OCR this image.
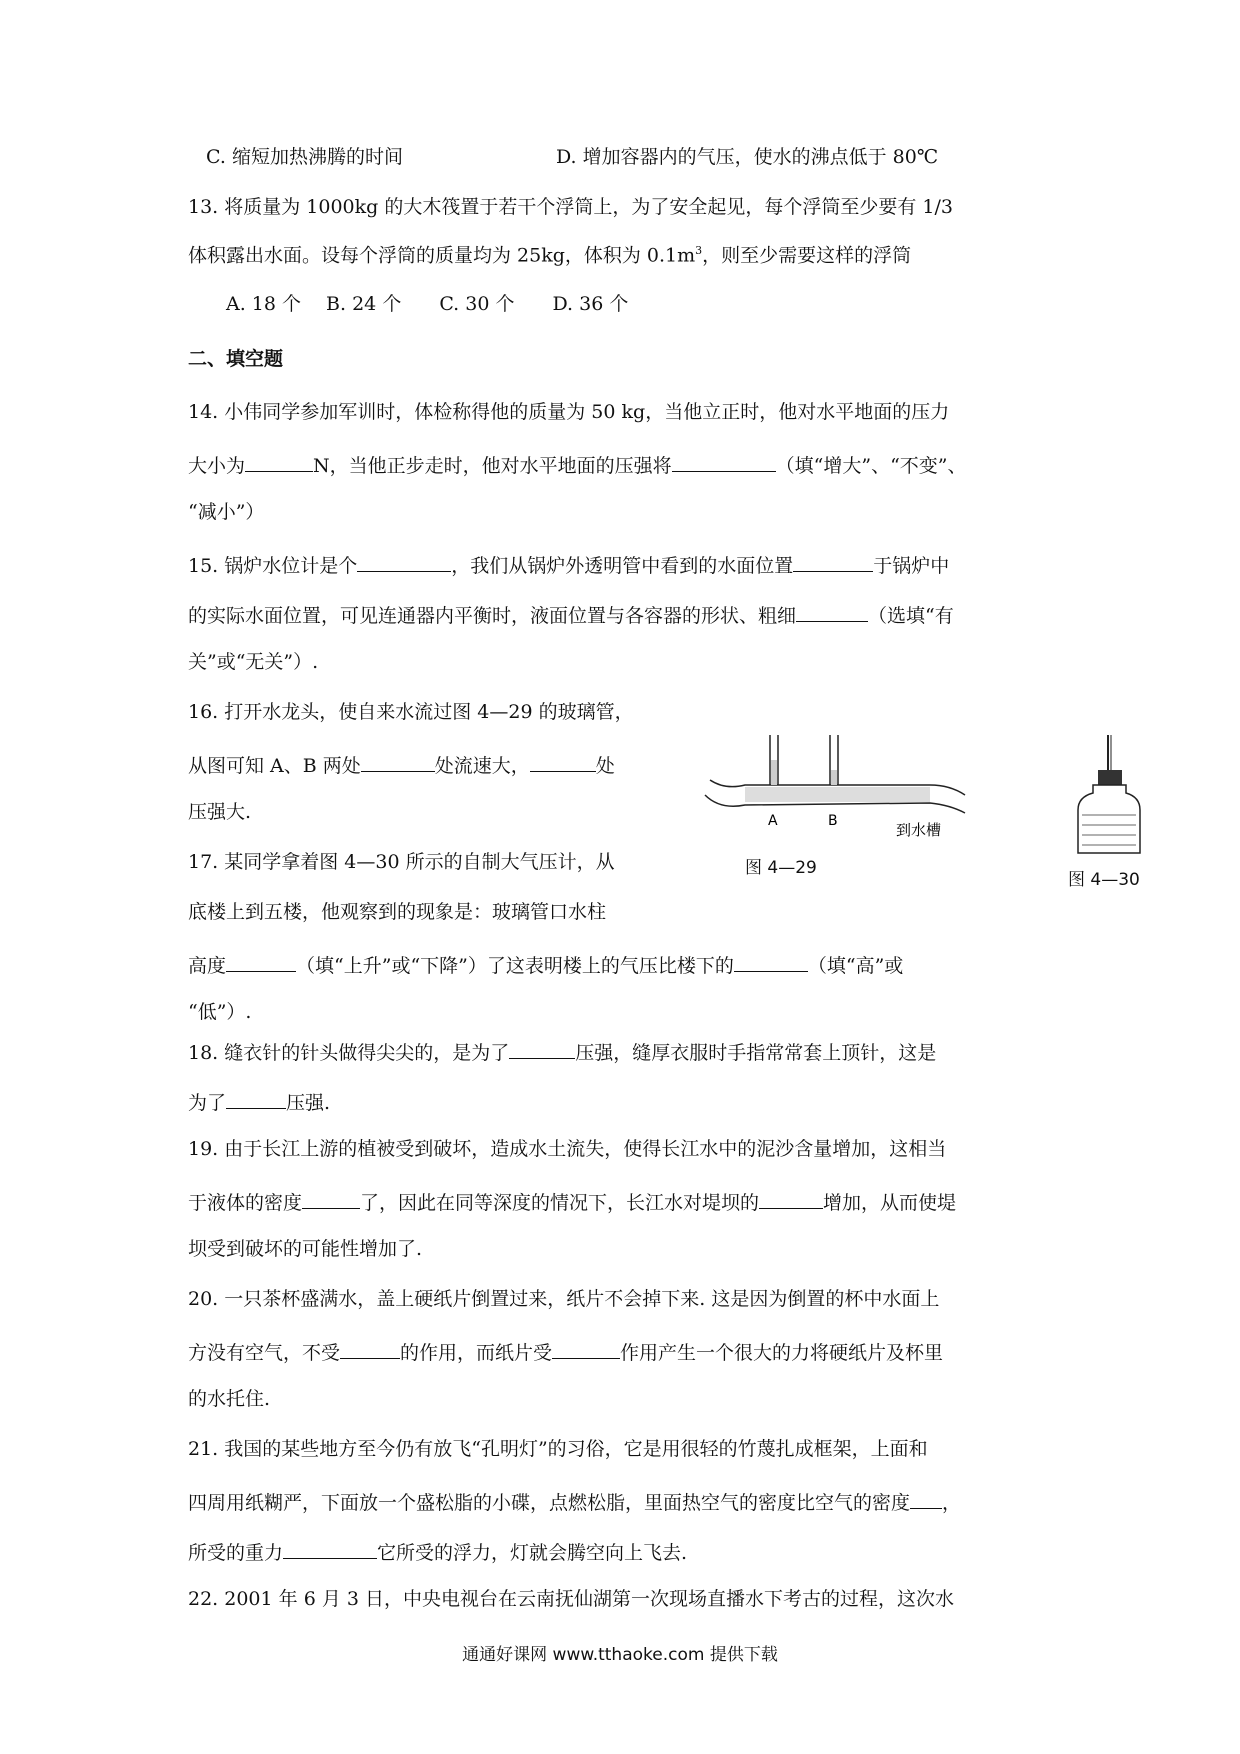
C. 缩短加热沸腾的时间	D. 增加容器内的气压，使水的沸点低于 80℃
13. 将质量为 1000kg 的大木筏置于若干个浮筒上，为了安全起见，每个浮筒至少要有 1/3
体积露出水面。设每个浮筒的质量均为 25kg，体积为 $0.1m^3$，则至少需要这样的浮筒
A. 18 个　 B. 24 个　　C. 30 个　　D. 36 个
二、填空题
14. 小伟同学参加军训时，体检称得他的质量为 50 kg，当他立正时，他对水平地面的压力
大小为	N，当他正步走时，他对水平地面的压强将	（填“增大”、“不变”、
“减小”）
15. 锅炉水位计是个	，我们从锅炉外透明管中看到的水面位置	于锅炉中
的实际水面位置，可见连通器内平衡时，液面位置与各容器的形状、粗细	（选填“有
关”或“无关”）.
16. 打开水龙头，使自来水流过图 4—29 的玻璃管，
从图可知 A、B 两处	处流速大，	处
压强大.
17. 某同学拿着图 4—30 所示的自制大气压计，从
底楼上到五楼，他观察到的现象是：玻璃管口水柱
高度	（填“上升”或“下降”）了这表明楼上的气压比楼下的	（填“高”或
“低”）.
A	B	到水槽
图 4—29
图 4—30
18. 缝衣针的针头做得尖尖的，是为了	压强，缝厚衣服时手指常常套上顶针，这是
为了	压强.
19. 由于长江上游的植被受到破坏，造成水土流失，使得长江水中的泥沙含量增加，这相当
于液体的密度	了，因此在同等深度的情况下，长江水对堤坝的	增加，从而使堤
坝受到破坏的可能性增加了.
20. 一只茶杯盛满水，盖上硬纸片倒置过来，纸片不会掉下来. 这是因为倒置的杯中水面上
方没有空气，不受	的作用，而纸片受	作用产生一个很大的力将硬纸片及杯里
的水托住.
21. 我国的某些地方至今仍有放飞“孔明灯”的习俗，它是用很轻的竹蔑扎成框架，上面和
四周用纸糊严，下面放一个盛松脂的小碟，点燃松脂，里面热空气的密度比空气的密度 ，
所受的重力	它所受的浮力，灯就会腾空向上飞去.
22. 2001 年 6 月 3 日，中央电视台在云南抚仙湖第一次现场直播水下考古的过程，这次水
通通好课网 www.tthaoke.com 提供下载
